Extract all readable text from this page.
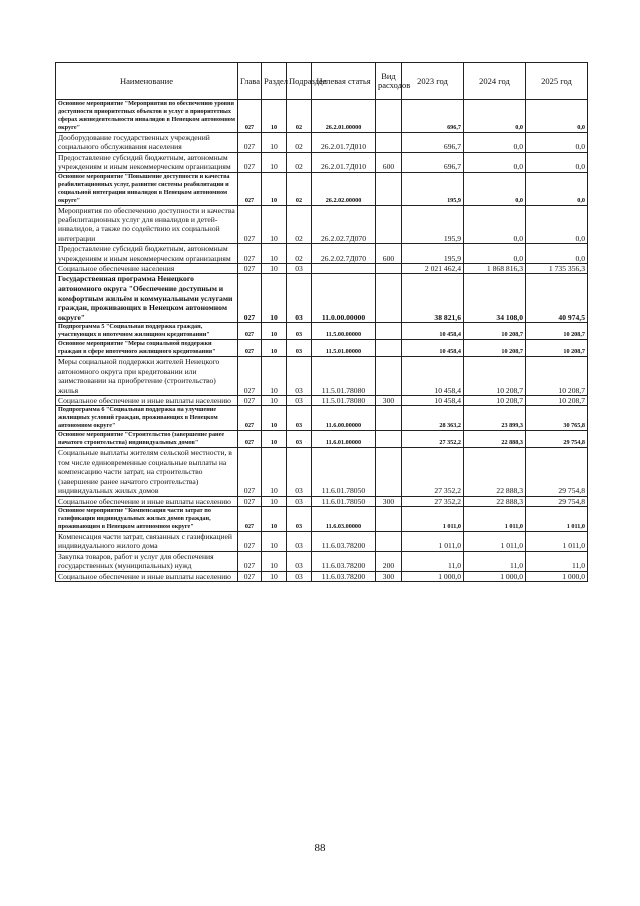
Наименование	Глава	Раздел	Подраздел	Целевая статья	Вид расходов	2023 год	2024 год	2025 год
Основное мероприятие "Мероприятия по обеспечению уровня доступности приоритетных объектов и услуг в приоритетных сферах жизнедеятельности инвалидов в Ненецком автономном округе"	027	10	02	26.2.01.00000		696,7	0,0	0,0
Дооборудование государственных учреждений социального обслуживания населения	027	10	02	26.2.01.7Д010		696,7	0,0	0,0
Предоставление субсидий бюджетным, автономным учреждениям и иным некоммерческим организациям	027	10	02	26.2.01.7Д010	600	696,7	0,0	0,0
Основное мероприятие "Повышение доступности и качества реабилитационных услуг, развитие системы реабилитации и социальной интеграции инвалидов в Ненецком автономном округе"	027	10	02	26.2.02.00000		195,9	0,0	0,0
Мероприятия по обеспечению доступности и качества реабилитационных услуг для инвалидов и детей-инвалидов, а также по содействию их социальной интеграции	027	10	02	26.2.02.7Д070		195,9	0,0	0,0
Предоставление субсидий бюджетным, автономным учреждениям и иным некоммерческим организациям	027	10	02	26.2.02.7Д070	600	195,9	0,0	0,0
Социальное обеспечение населения	027	10	03			2 021 462,4	1 868 816,3	1 735 356,3
Государственная программа Ненецкого автономного округа "Обеспечение доступным и комфортным жильём и коммунальными услугами граждан, проживающих в Ненецком автономном округе"	027	10	03	11.0.00.00000		38 821,6	34 108,0	40 974,5
Подпрограмма 5 "Социальная поддержка граждан, участвующих в ипотечном жилищном кредитовании"	027	10	03	11.5.00.00000		10 458,4	10 208,7	10 208,7
Основное мероприятие "Меры социальной поддержки граждан в сфере ипотечного жилищного кредитования"	027	10	03	11.5.01.00000		10 458,4	10 208,7	10 208,7
Меры социальной поддержки жителей Ненецкого автономного округа при кредитовании или заимствовании на приобретение (строительство) жилья	027	10	03	11.5.01.78080		10 458,4	10 208,7	10 208,7
Социальное обеспечение и иные выплаты населению	027	10	03	11.5.01.78080	300	10 458,4	10 208,7	10 208,7
Подпрограмма 6 "Социальная поддержка на улучшение жилищных условий граждан, проживающих в Ненецком автономном округе"	027	10	03	11.6.00.00000		28 363,2	23 899,3	30 765,8
Основное мероприятие "Строительство (завершение ранее начатого строительства) индивидуальных домов"	027	10	03	11.6.01.00000		27 352,2	22 888,3	29 754,8
Социальные выплаты жителям сельской местности, в том числе единовременные социальные выплаты на компенсацию части затрат, на строительство (завершение ранее начатого строительства) индивидуальных жилых домов	027	10	03	11.6.01.78050		27 352,2	22 888,3	29 754,8
Социальное обеспечение и иные выплаты населению	027	10	03	11.6.01.78050	300	27 352,2	22 888,3	29 754,8
Основное мероприятие "Компенсация части затрат по газификации индивидуальных жилых домов граждан, проживающим в Ненецком автономном округе"	027	10	03	11.6.03.00000		1 011,0	1 011,0	1 011,0
Компенсация части затрат, связанных с газификацией индивидуального жилого дома	027	10	03	11.6.03.78200		1 011,0	1 011,0	1 011,0
Закупка товаров, работ и услуг для обеспечения государственных (муниципальных) нужд	027	10	03	11.6.03.78200	200	11,0	11,0	11,0
Социальное обеспечение и иные выплаты населению	027	10	03	11.6.03.78200	300	1 000,0	1 000,0	1 000,0
88
